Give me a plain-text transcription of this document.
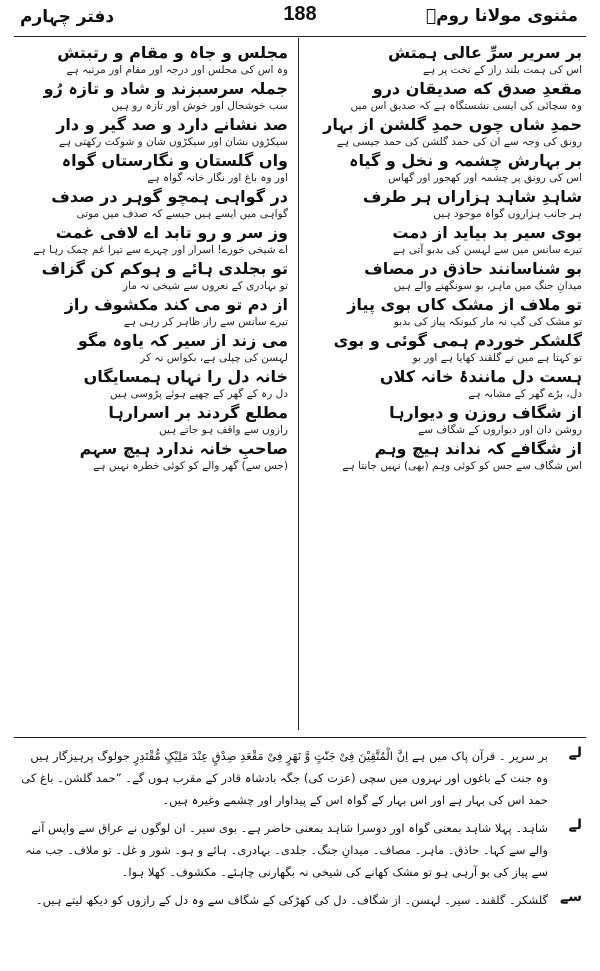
مثنوی مولانا رومؒ
188
دفتر چہارم
بر سریرِ سرِّ عالی ہمتش
اس کی ہمت بلند راز کے تخت پر ہے
مقعدِ صدق که صدیقان درو
وہ سچائی کی ایسی نشستگاہ ہے کہ صدیق اس میں
حمدِ شاں چوں حمدِ گلشن از بہار
رونق کی وجہ سے ان کی حمد گلشن کی حمد جیسی ہے
بر بہارش چشمہ و نخل و گیاہ
اس کی رونق پر چشمہ اور کھجور اور گھاس
شاہدِ شاہد ہزاراں ہر طرف
ہر جانب ہزاروں گواہ موجود ہیں
بوی سیر بد بیاید از دمت
تیرے سانس میں سے لہسن کی بدبو آتی ہے
بو شناسانند حاذق در مصاف
میدانِ جنگ میں ماہر، بو سونگھنے والے ہیں
تو ملاف از مشک کاں بوی پیاز
تو مشک کی گپ نہ مار کیونکہ پیاز کی بدبو
گلشکر خوردم ہمی گوئی و بوی
تو کہتا ہے میں نے گلقند کھایا ہے اور بو
ہست دل مانندۂ خانہ کلاں
دل، بڑے گھر کے مشابہ ہے
از شگاف روزن و دیوارہا
روشن دان اور دیواروں کے شگاف سے
از شگافے کہ نداند ہیچ وہم
اس شگاف سے جس کو کوئی وہم (بھی) نہیں جانتا ہے
مجلس و جاہ و مقام و رتبتش
وہ اس کی مجلس اور درجہ اور مقام اور مرتبہ ہے
جملہ سرسبزند و شاد و تازہ رُو
سب خوشحال اور خوش اور تازہ رو ہیں
صد نشانے دارد و صد گیر و دار
سیکڑوں نشان اور سیکڑوں شان و شوکت رکھتی ہے
واں گلستان و نگارستاں گواہ
اور وہ باغ اور نگار خانہ گواہ ہے
در گواہی ہمچو گوہر در صدف
گواہی میں ایسے ہیں جیسے کہ صدف میں موتی
وز سر و رو تابد اے لافی غمت
اے شیخی خورے! اسرار اور چہرے سے تیرا غم چمک رہا ہے
تو بجلدی ہائے و ہوکم کن گزاف
تو بہادری کے نعروں سے شیخی نہ مار
از دم تو می کند مکشوف راز
تیرے سانس سے راز ظاہر کر رہی ہے
می زند از سیر کہ یاوہ مگو
لہسن کی چپلی ہے، بکواس نہ کر
خانہ دل را نہاں ہمسایگاں
دل رہ کے گھر کے چھپے ہوئے پڑوسی ہیں
مطلع گردند بر اسرارہا
رازوں سے واقف ہو جاتے ہیں
صاحبِ خانہ ندارد ہیچ سہم
(جس سے) گھر والے کو کوئی خطرہ نہیں ہے
لے
بر سریر ۔ قرآن پاک میں ہے اِنَّ الْمُتَّقِیْنَ فِیْ جَنّٰتٍ وَّ نَھَرٍ فِیْ مَقْعَدِ صِدْقٍ عِنْدَ مَلِیْکٍ مُّقْتَدِرٍ جولوگ پرہیزگار ہیں وہ جنت کے باغوں اور نہروں میں سچی (عزت کی) جگہ بادشاہ قادر کے مقرب ہوں گے۔ ”حمد گلشن۔ باغ کی حمد اس کی بہار ہے اور اس بہار کے گواہ اس کے پیداوار اور چشمے وغیرہ ہیں۔
لے
شاہد۔ پہلا شاہد بمعنی گواہ اور دوسرا شاہد بمعنی حاضر ہے۔ بوی سیر۔ ان لوگوں نے عراق سے واپس آنے والے سے کہا۔ حاذق۔ ماہر۔ مصاف۔ میدانِ جنگ۔ جلدی۔ بہادری۔ ہائے و ہو۔ شور و غل۔ تو ملاف۔ جب منہ سے پیاز کی بو آرہی ہو تو مشک کھانے کی شیخی نہ بگھارنی چاہئے۔ مکشوف۔ کھلا ہوا۔
سے
گلشکر۔ گلقند۔ سیر۔ لہسن۔ از شگاف۔ دل کی کھڑکی کے شگاف سے وہ دل کے رازوں کو دیکھ لیتے ہیں۔
